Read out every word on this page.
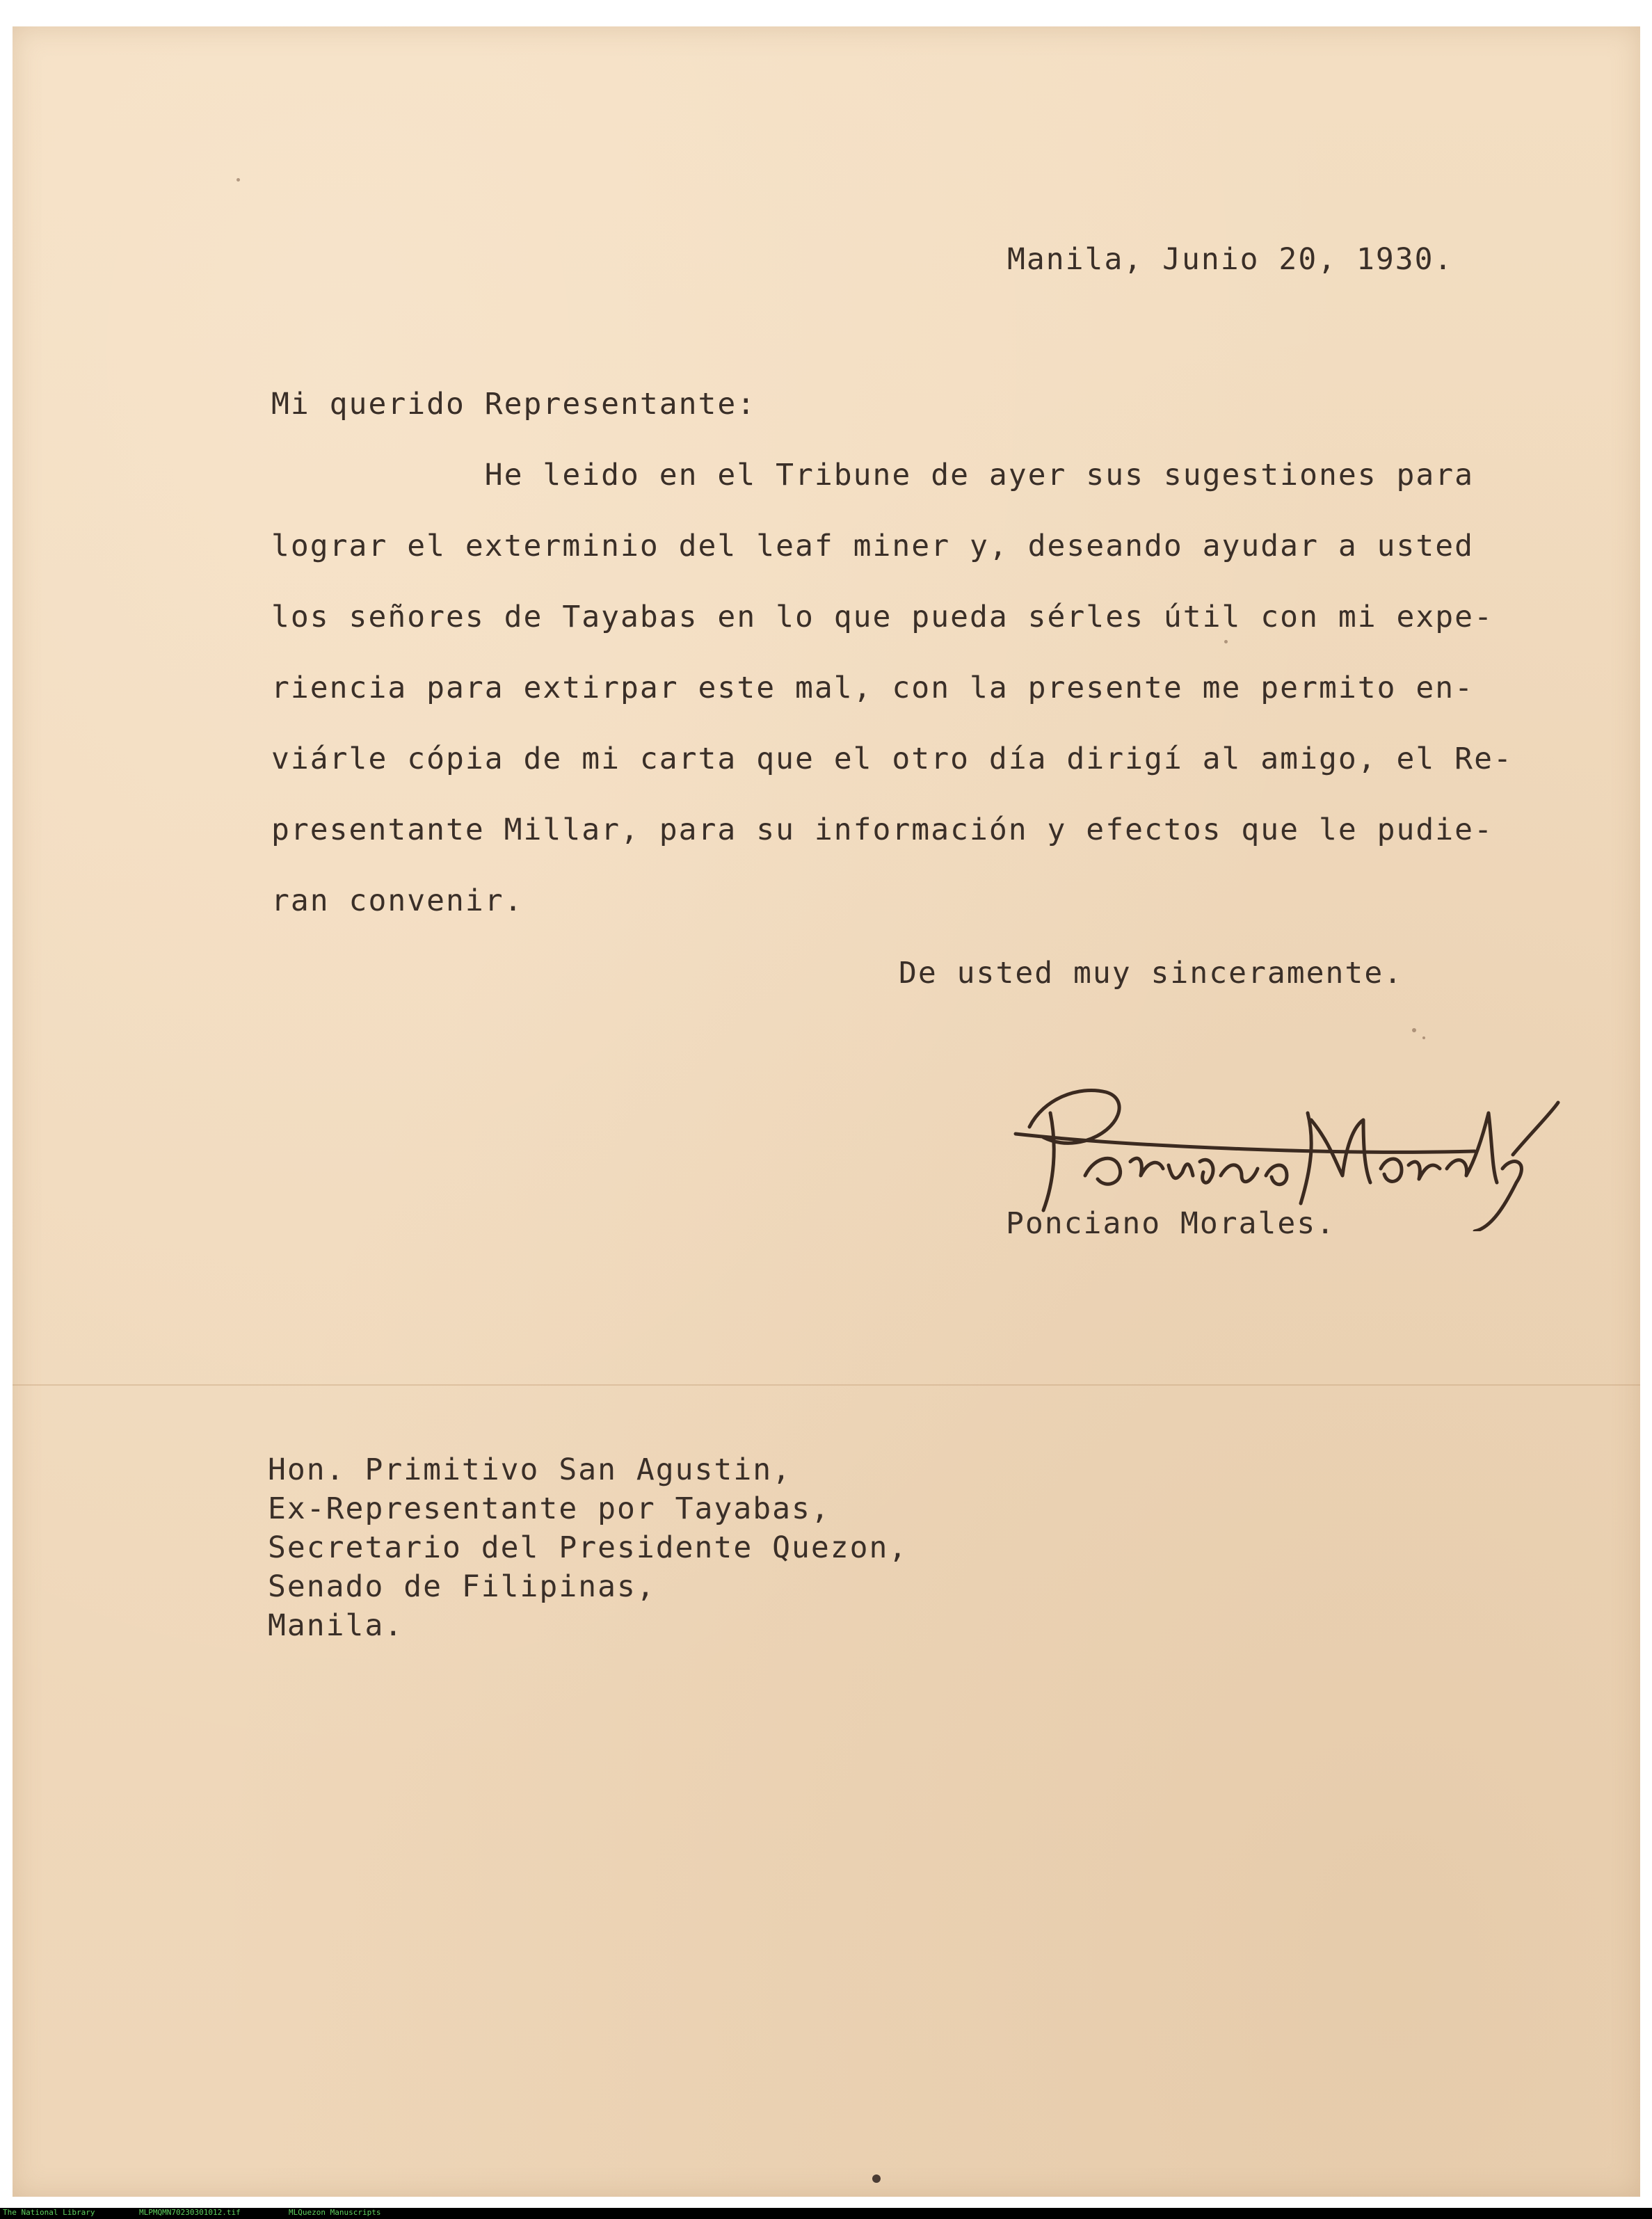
Manila, Junio 20, 1930.
Mi querido Representante:
He leido en el Tribune de ayer sus sugestiones para
lograr el exterminio del leaf miner y, deseando ayudar a usted
los señores de Tayabas en lo que pueda sérles útil con mi expe-
riencia para extirpar este mal, con la presente me permito en-
viárle cópia de mi carta que el otro día dirigí al amigo, el Re-
presentante Millar, para su información y efectos que le pudie-
ran convenir.
De usted muy sinceramente.
Ponciano Morales.
Hon. Primitivo San Agustin,
Ex-Representante por Tayabas,
Secretario del Presidente Quezon,
Senado de Filipinas,
Manila.
The National Library	MLPMQMN70230301012.tif	MLQuezon Manuscripts
